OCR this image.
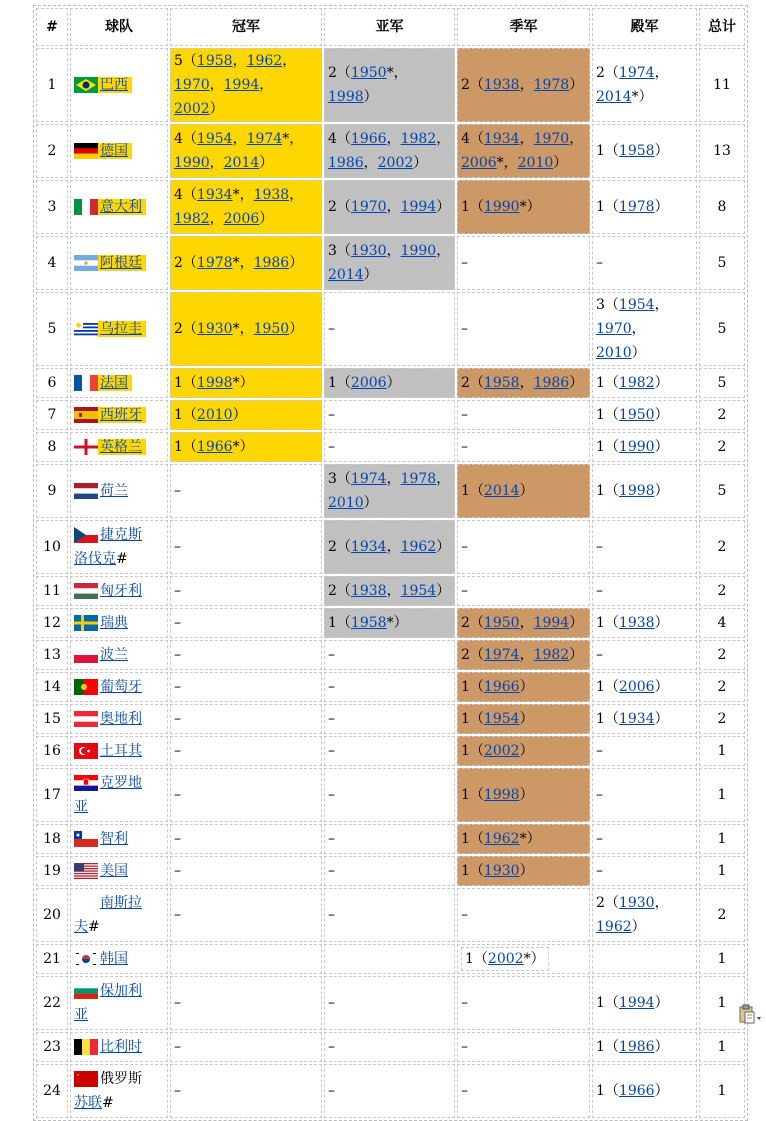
#	球队	冠军	亚军	季军	殿军	总计
1	巴西	5（1958，1962，1970，1994，2002）	2（1950*，1998）	2（1938，1978）	2（1974，2014*）	11
2	德国	4（1954，1974*，1990，2014）	4（1966，1982，1986，2002）	4（1934，1970，2006*，2010）	1（1958）	13
3	意大利	4（1934*，1938，1982，2006）	2（1970，1994）	1（1990*）	1（1978）	8
4	阿根廷	2（1978*，1986）	3（1930，1990，2014）	–	–	5
5	乌拉圭	2（1930*，1950）	–	–	3（1954，1970，2010）	5
6	法国	1（1998*）	1（2006）	2（1958，1986）	1（1982）	5
7	西班牙	1（2010）	–	–	1（1950）	2
8	英格兰	1（1966*）	–	–	1（1990）	2
9	荷兰	–	3（1974，1978，2010）	1（2014）	1（1998）	5
10	捷克斯
洛伐克#	–	2（1934，1962）	–	–	2
11	匈牙利	–	2（1938，1954）	–	–	2
12	瑞典	–	1（1958*）	2（1950，1994）	1（1938）	4
13	波兰	–	–	2（1974，1982）	–	2
14	葡萄牙	–	–	1（1966）	1（2006）	2
15	奥地利	–	–	1（1954）	1（1934）	2
16	土耳其	–	–	1（2002）	–	1
17	克罗地
亚	–	–	1（1998）	–	1
18	智利	–	–	1（1962*）	–	1
19	美国	–	–	1（1930）	–	1
20	南斯拉
夫#	–	–	–	2（1930，1962）	2
21	韩国			1（2002*）		1
22	保加利
亚	–	–	–	1（1994）	1
23	比利时	–	–	–	1（1986）	1
24	俄罗斯
苏联#	–	–	–	1（1966）	1
